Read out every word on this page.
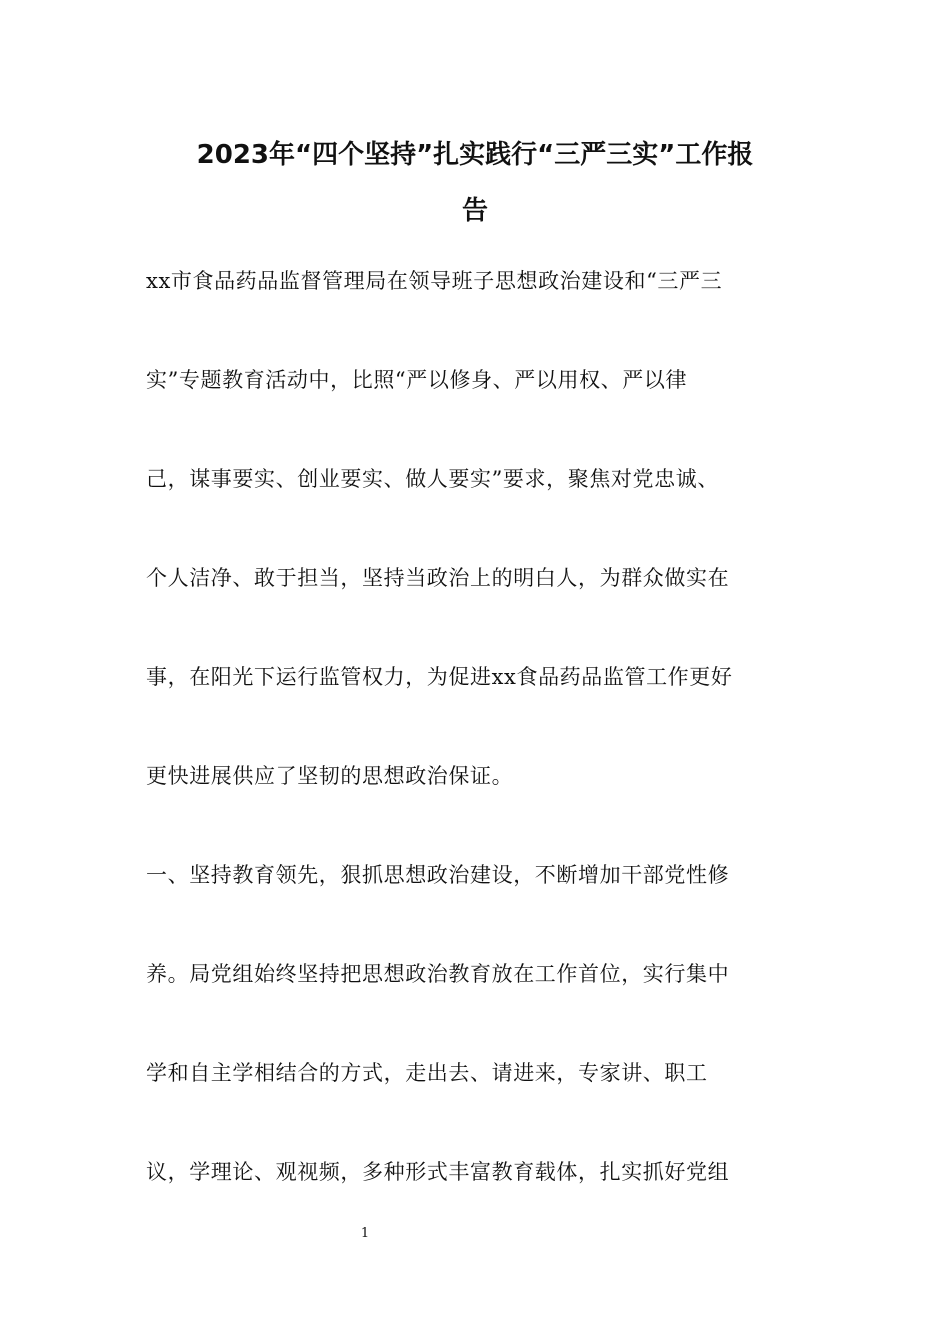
2023年“四个坚持”扎实践行“三严三实”工作报
告

xx市食品药品监督管理局在领导班子思想政治建设和“三严三

实”专题教育活动中，比照“严以修身、严以用权、严以律

己，谋事要实、创业要实、做人要实”要求，聚焦对党忠诚、

个人洁净、敢于担当，坚持当政治上的明白人，为群众做实在

事，在阳光下运行监管权力，为促进xx食品药品监管工作更好

更快进展供应了坚韧的思想政治保证。

一、坚持教育领先，狠抓思想政治建设，不断增加干部党性修

养。局党组始终坚持把思想政治教育放在工作首位，实行集中

学和自主学相结合的方式，走出去、请进来，专家讲、职工

议，学理论、观视频，多种形式丰富教育载体，扎实抓好党组

1
